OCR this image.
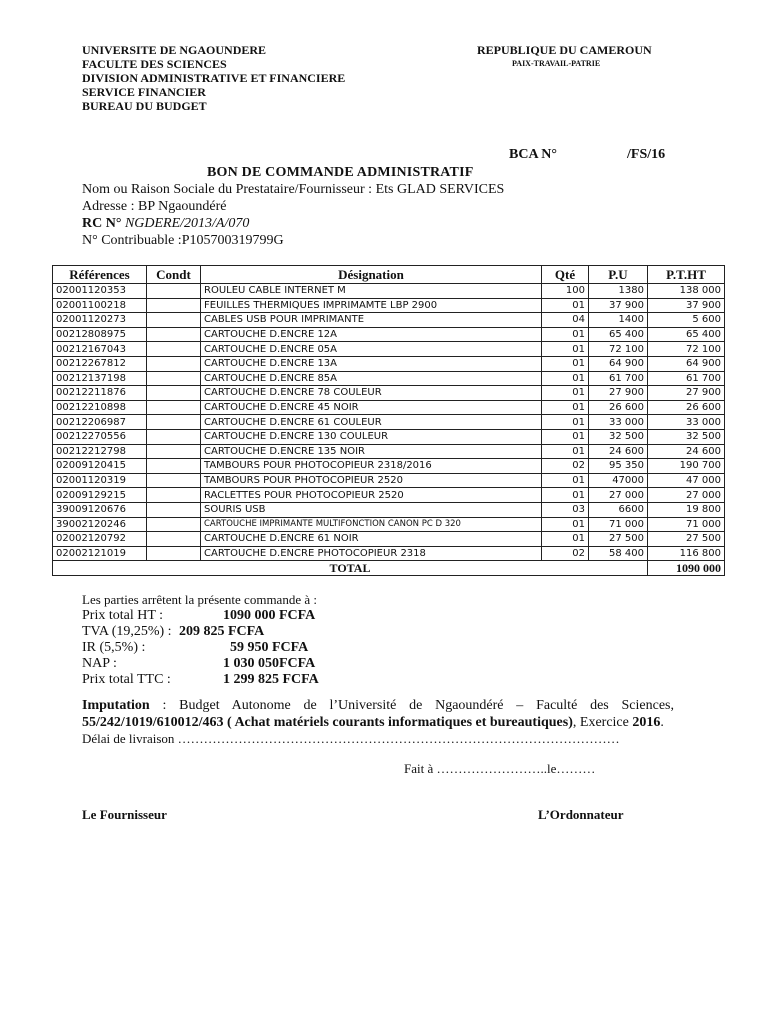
UNIVERSITE DE NGAOUNDERE
FACULTE DES SCIENCES
DIVISION ADMINISTRATIVE ET FINANCIERE
SERVICE FINANCIER
BUREAU DU BUDGET
REPUBLIQUE DU CAMEROUN
PAIX-TRAVAIL-PATRIE
BCA N°	/FS/16
BON DE COMMANDE ADMINISTRATIF
Nom ou Raison Sociale du Prestataire/Fournisseur : Ets GLAD SERVICES
Adresse : BP Ngaoundéré
RC N° NGDERE/2013/A/070
N° Contribuable :P105700319799G
Références	Condt	Désignation	Qté	P.U	P.T.HT
02001120353		ROULEU CABLE INTERNET M	100	1380	138 000
02001100218		FEUILLES THERMIQUES IMPRIMAMTE LBP 2900	01	37 900	37 900
02001120273		CABLES USB POUR IMPRIMANTE	04	1400	5 600
00212808975		CARTOUCHE D.ENCRE 12A	01	65 400	65 400
00212167043		CARTOUCHE D.ENCRE 05A	01	72 100	72 100
00212267812		CARTOUCHE D.ENCRE 13A	01	64 900	64 900
00212137198		CARTOUCHE D.ENCRE 85A	01	61 700	61 700
00212211876		CARTOUCHE D.ENCRE 78 COULEUR	01	27 900	27 900
00212210898		CARTOUCHE D.ENCRE 45 NOIR	01	26 600	26 600
00212206987		CARTOUCHE D.ENCRE 61 COULEUR	01	33 000	33 000
00212270556		CARTOUCHE D.ENCRE 130 COULEUR	01	32 500	32 500
00212212798		CARTOUCHE D.ENCRE 135 NOIR	01	24 600	24 600
02009120415		TAMBOURS POUR PHOTOCOPIEUR 2318/2016	02	95 350	190 700
02001120319		TAMBOURS POUR PHOTOCOPIEUR 2520	01	47000	47 000
02009129215		RACLETTES POUR PHOTOCOPIEUR 2520	01	27 000	27 000
39009120676		SOURIS USB	03	6600	19 800
39002120246		CARTOUCHE IMPRIMANTE MULTIFONCTION CANON PC D 320	01	71 000	71 000
02002120792		CARTOUCHE D.ENCRE 61 NOIR	01	27 500	27 500
02002121019		CARTOUCHE D.ENCRE PHOTOCOPIEUR 2318	02	58 400	116 800
TOTAL					1090 000
Les parties arrêtent la présente commande à :
Prix total HT :	1090 000 FCFA
TVA (19,25%) : 209 825 FCFA
IR (5,5%) :	59 950 FCFA
NAP :	1 030 050FCFA
Prix total TTC :	1 299 825 FCFA
Imputation : Budget Autonome de l’Université de Ngaoundéré – Faculté des Sciences, 55/242/1019/610012/463 ( Achat matériels courants informatiques et bureautiques), Exercice 2016.
Délai de livraison …………………………………………………………………………………………
Fait à ……………………..le………
Le Fournisseur	L’Ordonnateur
